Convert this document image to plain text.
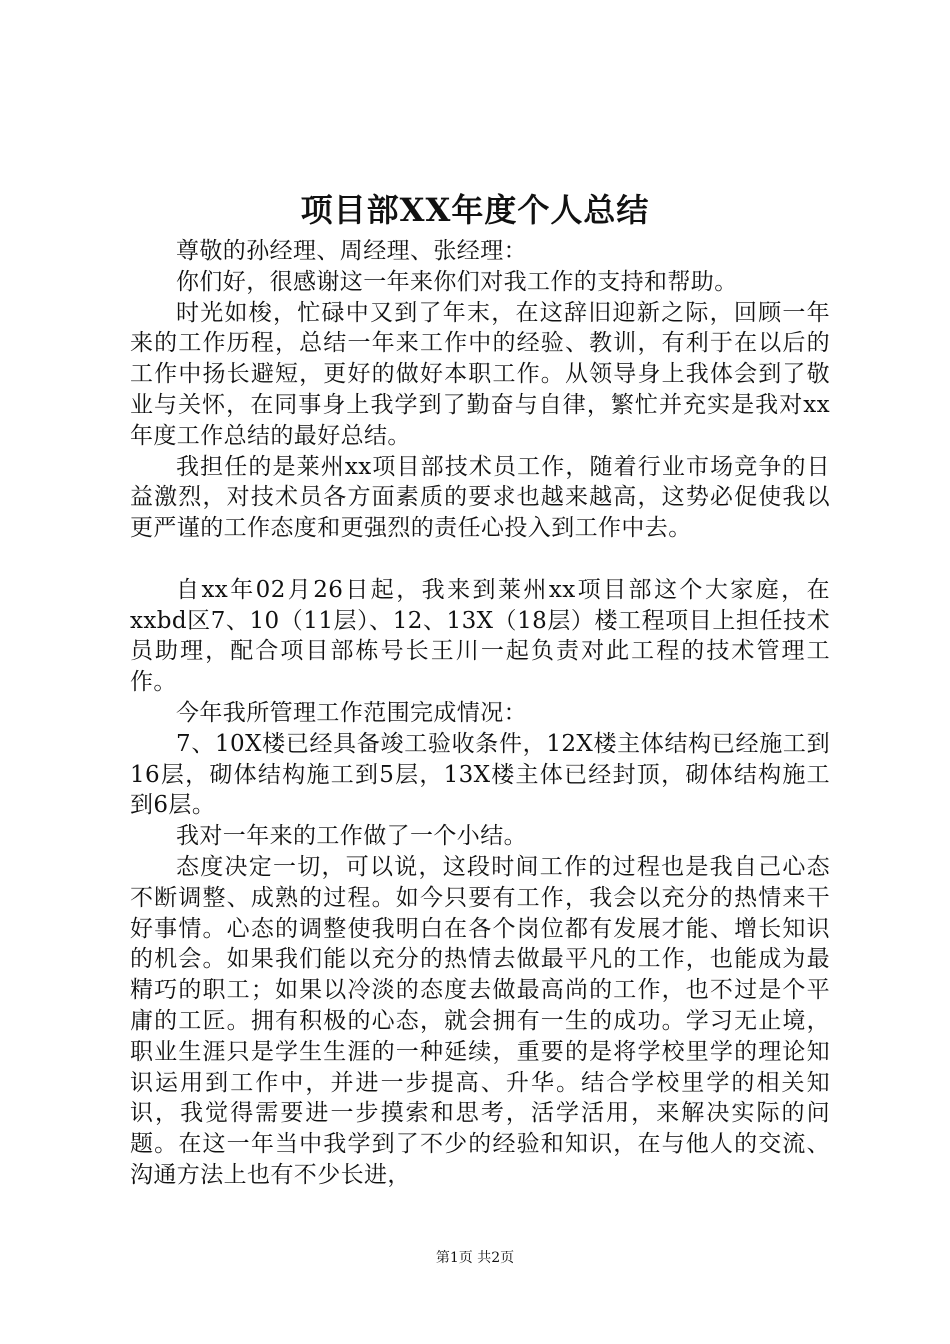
项目部XX年度个人总结

尊敬的孙经理、周经理、张经理：

你们好，很感谢这一年来你们对我工作的支持和帮助。

时光如梭，忙碌中又到了年末，在这辞旧迎新之际，回顾一年来的工作历程，总结一年来工作中的经验、教训，有利于在以后的工作中扬长避短，更好的做好本职工作。从领导身上我体会到了敬业与关怀，在同事身上我学到了勤奋与自律，繁忙并充实是我对xx年度工作总结的最好总结。

我担任的是莱州xx项目部技术员工作，随着行业市场竞争的日益激烈，对技术员各方面素质的要求也越来越高，这势必促使我以更严谨的工作态度和更强烈的责任心投入到工作中去。

自xx年02月26日起，我来到莱州xx项目部这个大家庭，在xxbd区7、10（11层）、12、13X（18层）楼工程项目上担任技术员助理，配合项目部栋号长王川一起负责对此工程的技术管理工作。

今年我所管理工作范围完成情况：

7、10X楼已经具备竣工验收条件，12X楼主体结构已经施工到16层，砌体结构施工到5层，13X楼主体已经封顶，砌体结构施工到6层。

我对一年来的工作做了一个小结。

态度决定一切，可以说，这段时间工作的过程也是我自己心态不断调整、成熟的过程。如今只要有工作，我会以充分的热情来干好事情。心态的调整使我明白在各个岗位都有发展才能、增长知识的机会。如果我们能以充分的热情去做最平凡的工作，也能成为最精巧的职工；如果以冷淡的态度去做最高尚的工作，也不过是个平庸的工匠。拥有积极的心态，就会拥有一生的成功。学习无止境，职业生涯只是学生生涯的一种延续，重要的是将学校里学的理论知识运用到工作中，并进一步提高、升华。结合学校里学的相关知识，我觉得需要进一步摸索和思考，活学活用，来解决实际的问题。在这一年当中我学到了不少的经验和知识，在与他人的交流、沟通方法上也有不少长进，

第1页 共2页
